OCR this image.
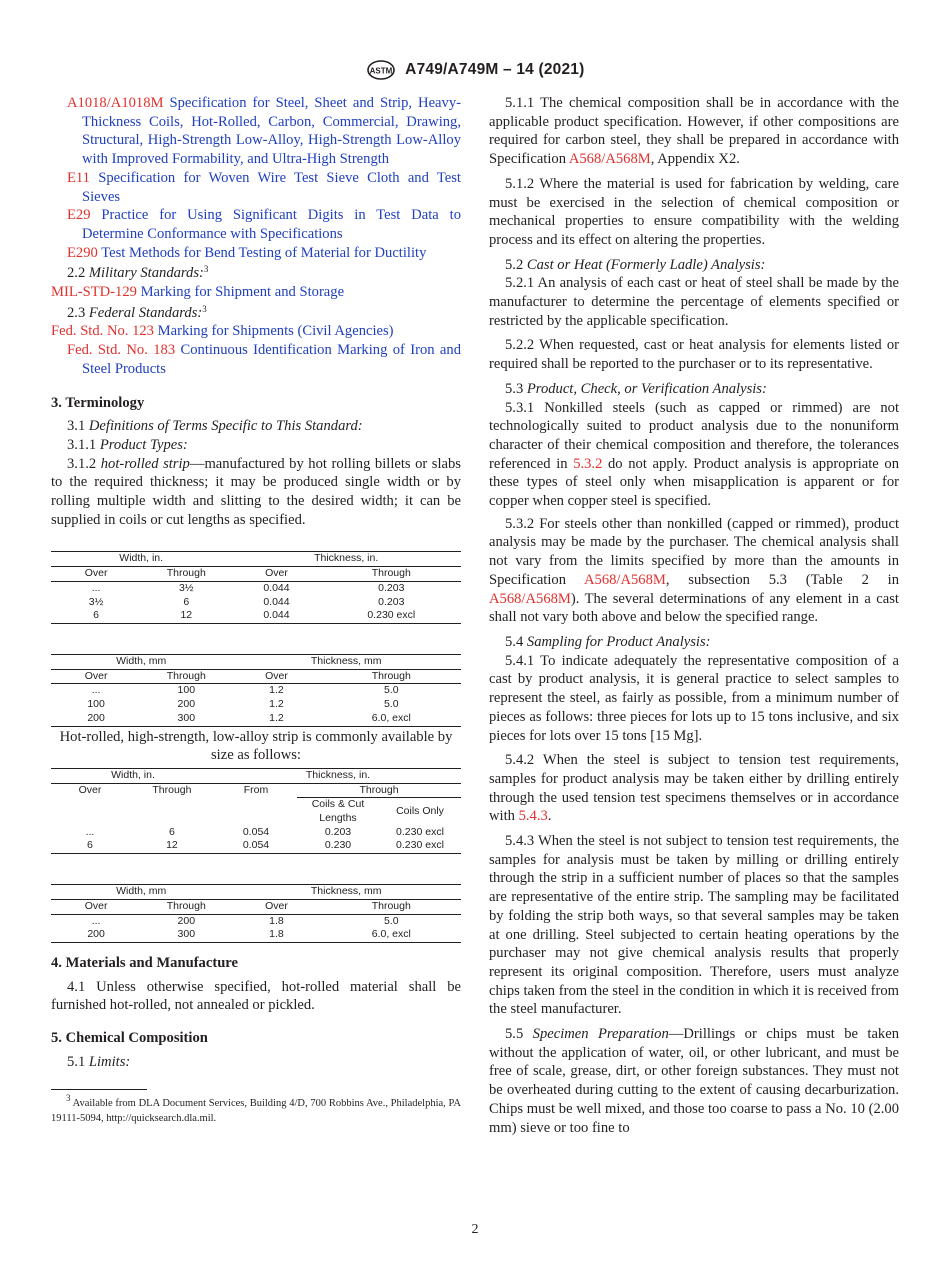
ASTM A749/A749M – 14 (2021)

A1018/A1018M Specification for Steel, Sheet and Strip, Heavy-Thickness Coils, Hot-Rolled, Carbon, Commercial, Drawing, Structural, High-Strength Low-Alloy, High-Strength Low-Alloy with Improved Formability, and Ultra-High Strength

E11 Specification for Woven Wire Test Sieve Cloth and Test Sieves

E29 Practice for Using Significant Digits in Test Data to Determine Conformance with Specifications

E290 Test Methods for Bend Testing of Material for Ductility

2.2 Military Standards:$^3$

MIL-STD-129 Marking for Shipment and Storage

2.3 Federal Standards:$^3$

Fed. Std. No. 123 Marking for Shipments (Civil Agencies)

Fed. Std. No. 183 Continuous Identification Marking of Iron and Steel Products

3. Terminology

3.1 Definitions of Terms Specific to This Standard:

3.1.1 Product Types:

3.1.2 hot-rolled strip—manufactured by hot rolling billets or slabs to the required thickness; it may be produced single width or by rolling multiple width and slitting to the desired width; it can be supplied in coils or cut lengths as specified.

Width, in.		Thickness, in.	
Over	Through	Over	Through
...	3½	0.044	0.203
3½	6	0.044	0.203
6	12	0.044	0.230 excl
Width, mm		Thickness, mm	
Over	Through	Over	Through
...	100	1.2	5.0
100	200	1.2	5.0
200	300	1.2	6.0, excl

Hot-rolled, high-strength, low-alloy strip is commonly available by size as follows:

Width, in.		Thickness, in.		
Over	Through	From	Through	
			Coils & Cut Lengths	Coils Only
...	6	0.054	0.203	0.230 excl
6	12	0.054	0.230	0.230 excl
Width, mm		Thickness, mm	
Over	Through	Over	Through
...	200	1.8	5.0
200	300	1.8	6.0, excl

4. Materials and Manufacture

4.1 Unless otherwise specified, hot-rolled material shall be furnished hot-rolled, not annealed or pickled.

5. Chemical Composition

5.1 Limits:

$^3$ Available from DLA Document Services, Building 4/D, 700 Robbins Ave., Philadelphia, PA 19111-5094, http://quicksearch.dla.mil.

5.1.1 The chemical composition shall be in accordance with the applicable product specification. However, if other compositions are required for carbon steel, they shall be prepared in accordance with Specification A568/A568M, Appendix X2.

5.1.2 Where the material is used for fabrication by welding, care must be exercised in the selection of chemical composition or mechanical properties to ensure compatibility with the welding process and its effect on altering the properties.

5.2 Cast or Heat (Formerly Ladle) Analysis:

5.2.1 An analysis of each cast or heat of steel shall be made by the manufacturer to determine the percentage of elements specified or restricted by the applicable specification.

5.2.2 When requested, cast or heat analysis for elements listed or required shall be reported to the purchaser or to its representative.

5.3 Product, Check, or Verification Analysis:

5.3.1 Nonkilled steels (such as capped or rimmed) are not technologically suited to product analysis due to the nonuniform character of their chemical composition and therefore, the tolerances referenced in 5.3.2 do not apply. Product analysis is appropriate on these types of steel only when misapplication is apparent or for copper when copper steel is specified.

5.3.2 For steels other than nonkilled (capped or rimmed), product analysis may be made by the purchaser. The chemical analysis shall not vary from the limits specified by more than the amounts in Specification A568/A568M, subsection 5.3 (Table 2 in A568/A568M). The several determinations of any element in a cast shall not vary both above and below the specified range.

5.4 Sampling for Product Analysis:

5.4.1 To indicate adequately the representative composition of a cast by product analysis, it is general practice to select samples to represent the steel, as fairly as possible, from a minimum number of pieces as follows: three pieces for lots up to 15 tons inclusive, and six pieces for lots over 15 tons [15 Mg].

5.4.2 When the steel is subject to tension test requirements, samples for product analysis may be taken either by drilling entirely through the used tension test specimens themselves or in accordance with 5.4.3.

5.4.3 When the steel is not subject to tension test requirements, the samples for analysis must be taken by milling or drilling entirely through the strip in a sufficient number of places so that the samples are representative of the entire strip. The sampling may be facilitated by folding the strip both ways, so that several samples may be taken at one drilling. Steel subjected to certain heating operations by the purchaser may not give chemical analysis results that properly represent its original composition. Therefore, users must analyze chips taken from the steel in the condition in which it is received from the steel manufacturer.

5.5 Specimen Preparation—Drillings or chips must be taken without the application of water, oil, or other lubricant, and must be free of scale, grease, dirt, or other foreign substances. They must not be overheated during cutting to the extent of causing decarburization. Chips must be well mixed, and those too coarse to pass a No. 10 (2.00 mm) sieve or too fine to

2
